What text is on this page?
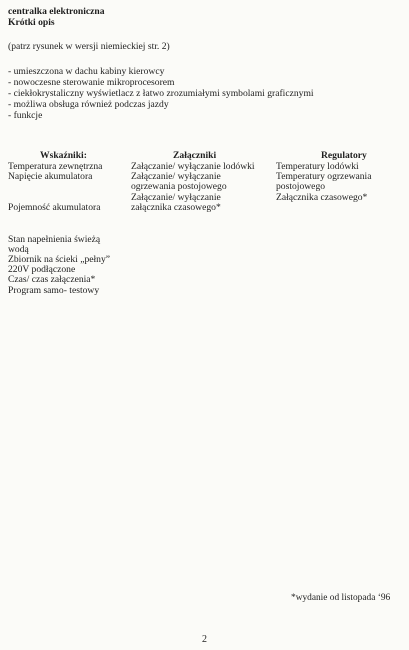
centralka elektroniczna
Krótki opis
(patrz rysunek w wersji niemieckiej str. 2)
- umieszczona w dachu kabiny kierowcy
- nowoczesne sterowanie mikroprocesorem
- ciekłokrystaliczny wyświetlacz z łatwo zrozumiałymi symbolami graficznymi
- możliwa obsługa również podczas jazdy
- funkcje
Wskaźniki:	Załączniki	Regulatory
Temperatura zewnętrzna
Napięcie akumulatora
Pojemność akumulatora
Stan napełnienia świeżą
wodą
Zbiornik na ścieki „pełny”
220V podłączone
Czas/ czas załączenia*
Program samo- testowy
Załączanie/ wyłączanie lodówki
Załączanie/ wyłączanie
ogrzewania postojowego
Załączanie/ wyłączanie
załącznika czasowego*
Temperatury lodówki
Temperatury ogrzewania
postojowego
Załącznika czasowego*
*wydanie od listopada ‘96
2
